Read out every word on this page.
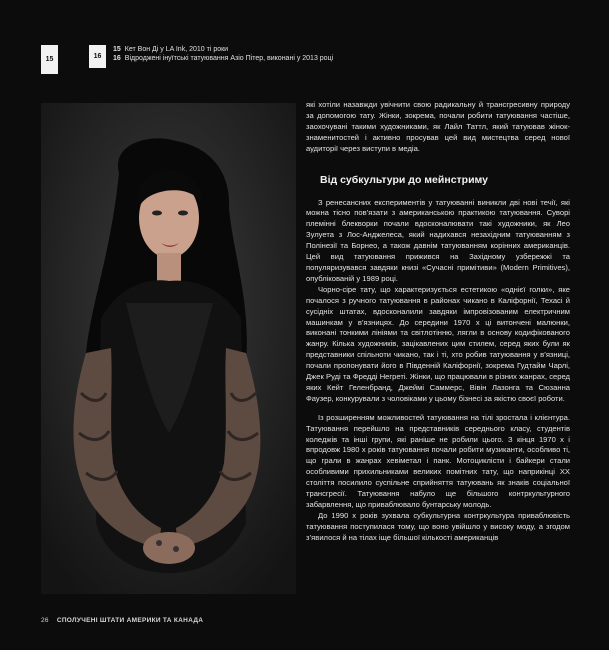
15	16
15 Кет Вон Ді у LA Ink, 2010 ті роки
16 Відроджені інуїтські татуювання Азіо Пітер, виконані у 2013 році

які хотіли назавжди увічнити свою радикальну й трансгресивну природу за допомогою тату. Жінки, зокрема, почали робити татуювання частіше, заохочувані такими художниками, як Лайл Таттл, який татуював жінок-знаменитостей і активно просував цей вид мистецтва серед нової аудиторії через виступи в медіа.

Від субкультури до мейнстриму

З ренесансних експериментів у татуюванні виникли дві нові течії, які можна тісно пов’язати з американською практикою татуювання. Суворі племінні блекворки почали вдосконалювати такі художники, як Лео Зулуета з Лос-Анджелеса, який надихався незахідним татуюванням з Полінезії та Борнео, а також давнім татуюванням корінних американців. Цей вид татуювання прижився на Західному узбережжі та популяризувався завдяки книзі «Сучасні примітиви» (Modern Primitives), опублікованій у 1989 році.

Чорно-сіре тату, що характеризується естетикою «однієї голки», яке почалося з ручного татуювання в районах чикано в Каліфорнії, Техасі й сусідніх штатах, вдосконалили завдяки імпровізованим електричним машинкам у в’язницях. До середини 1970 х ці витончені малюнки, виконані тонкими лініями та світлотінню, лягли в основу кодифікованого жанру. Кілька художників, зацікавлених цим стилем, серед яких були як представники спільноти чикано, так і ті, хто робив татуювання у в’язниці, почали пропонувати його в Південній Каліфорнії, зокрема Гудтайм Чарлі, Джек Руді та Фредді Негреті. Жінки, що працювали в різних жанрах, серед яких Кейт Геленбранд, Джеймі Саммерс, Вівін Лазонга та Сюзанна Фаузер, конкурували з чоловіками у цьому бізнесі за якістю своєї роботи.

Із розширенням можливостей татуювання на тілі зростала і клієнтура. Татуювання перейшло на представників середнього класу, студентів коледжів та інші групи, які раніше не робили цього. З кінця 1970 х і впродовж 1980 х років татуювання почали робити музиканти, особливо ті, що грали в жанрах хевіметал і панк. Мотоциклісти і байкери стали особливими прихильниками великих помітних тату, що наприкінці XX століття посилило суспільне сприйняття татуювань як знаків соціальної трансгресії. Татуювання набуло ще більшого контркультурного забарвлення, що приваблювало бунтарську молодь.

До 1990 х років зухвала субкультурна контркультура приваблювість татуювання поступилася тому, що воно увійшло у високу моду, а згодом з’явилося й на тілах іще більшої кількості американців

26 СПОЛУЧЕНІ ШТАТИ АМЕРИКИ ТА КАНАДА
